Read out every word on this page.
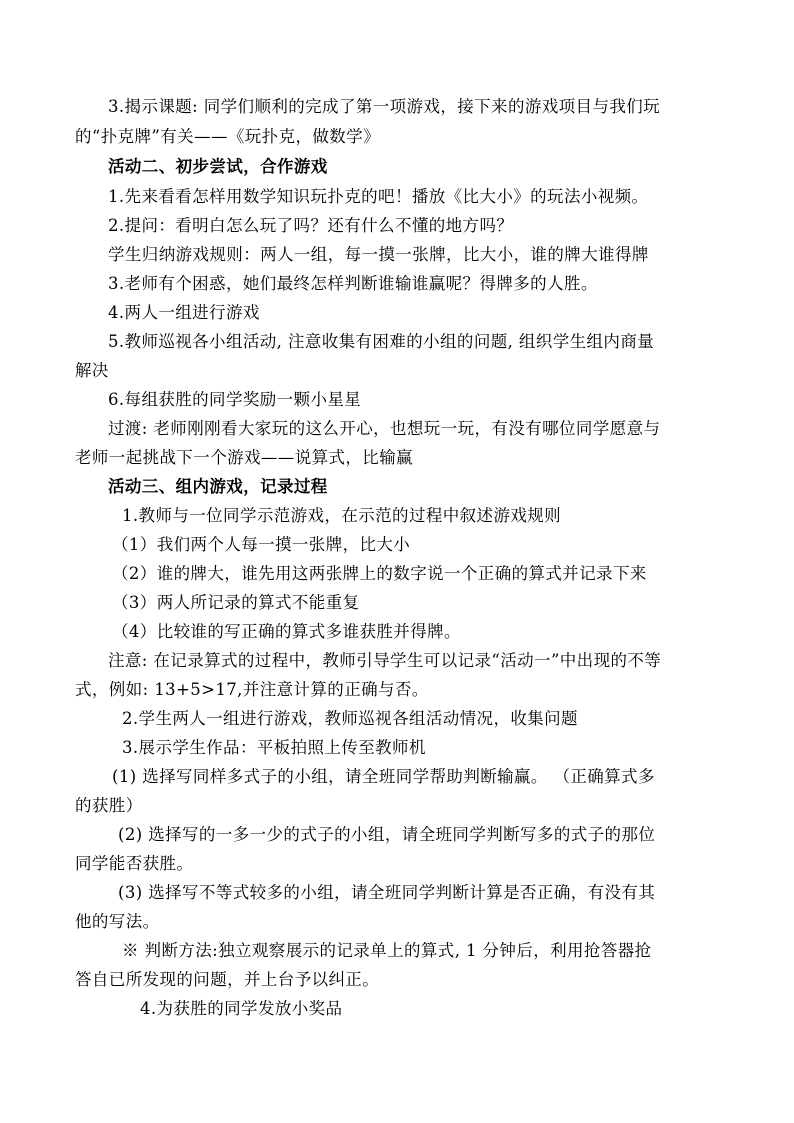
3.揭示课题: 同学们顺利的完成了第一项游戏，接下来的游戏项目与我们玩
的“扑克牌”有关——《玩扑克，做数学》
活动二、初步尝试，合作游戏
1.先来看看怎样用数学知识玩扑克的吧！播放《比大小》的玩法小视频。
2.提问：看明白怎么玩了吗？还有什么不懂的地方吗？
学生归纳游戏规则：两人一组，每一摸一张牌，比大小，谁的牌大谁得牌
3.老师有个困惑，她们最终怎样判断谁输谁赢呢？得牌多的人胜。
4.两人一组进行游戏
5.教师巡视各小组活动, 注意收集有困难的小组的问题, 组织学生组内商量
解决
6.每组获胜的同学奖励一颗小星星
过渡: 老师刚刚看大家玩的这么开心，也想玩一玩，有没有哪位同学愿意与
老师一起挑战下一个游戏——说算式，比输赢
活动三、组内游戏，记录过程
1.教师与一位同学示范游戏，在示范的过程中叙述游戏规则
（1）我们两个人每一摸一张牌，比大小
（2）谁的牌大，谁先用这两张牌上的数字说一个正确的算式并记录下来
（3）两人所记录的算式不能重复
（4）比较谁的写正确的算式多谁获胜并得牌。
注意: 在记录算式的过程中，教师引导学生可以记录“活动一”中出现的不等
式，例如: 13+5>17,并注意计算的正确与否。
2.学生两人一组进行游戏，教师巡视各组活动情况，收集问题
3.展示学生作品：平板拍照上传至教师机
(1) 选择写同样多式子的小组，请全班同学帮助判断输赢。 （正确算式多
的获胜）
(2) 选择写的一多一少的式子的小组，请全班同学判断写多的式子的那位
同学能否获胜。
(3) 选择写不等式较多的小组，请全班同学判断计算是否正确，有没有其
他的写法。
※ 判断方法:独立观察展示的记录单上的算式, 1 分钟后，利用抢答器抢
答自已所发现的问题，并上台予以纠正。
4.为获胜的同学发放小奖品
